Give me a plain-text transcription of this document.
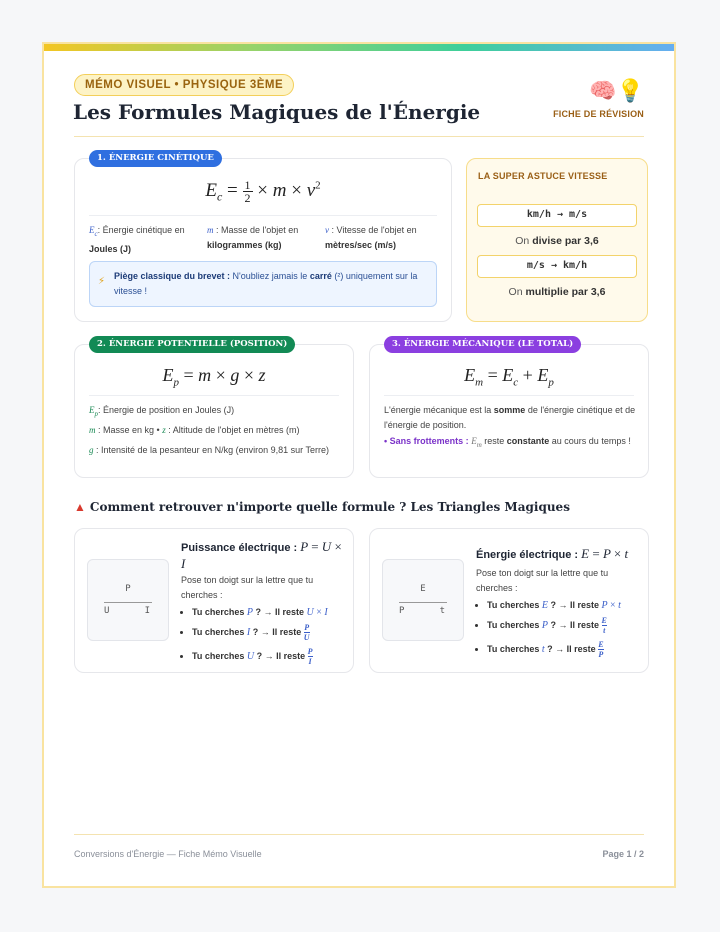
MÉMO VISUEL • PHYSIQUE 3ÈME
Les Formules Magiques de l'Énergie
🧠💡
FICHE DE RÉVISION
1. ÉNERGIE CINÉTIQUE
$E_c = \frac{1}{2} \times m \times v^2$
$E_c$: Énergie cinétique en
Joules (J)
m : Masse de l'objet en
kilogrammes (kg)
v : Vitesse de l'objet en
mètres/sec (m/s)
⚡ Piège classique du brevet : N'oubliez jamais le carré (²) uniquement sur la vitesse !
LA SUPER ASTUCE VITESSE
km/h → m/s
On divise par 3,6
m/s → km/h
On multiplie par 3,6
2. ÉNERGIE POTENTIELLE (POSITION)
$E_p = m \times g \times z$
$E_p$: Énergie de position en Joules (J)
m : Masse en kg • z : Altitude de l'objet en mètres (m)
g : Intensité de la pesanteur en N/kg (environ 9,81 sur Terre)
3. ÉNERGIE MÉCANIQUE (LE TOTAL)
$E_m = E_c + E_p$
L'énergie mécanique est la somme de l'énergie cinétique et de l'énergie de position.
• Sans frottements : $E_m$ reste constante au cours du temps !
▲ Comment retrouver n'importe quelle formule ? Les Triangles Magiques
P
U	I
Puissance électrique : P = U × I
Pose ton doigt sur la lettre que tu cherches :
• Tu cherches P ? → Il reste U × I
• Tu cherches I ? → Il reste $\frac{P}{U}$
• Tu cherches U ? → Il reste $\frac{P}{I}$
E
P	t
Énergie électrique : E = P × t
Pose ton doigt sur la lettre que tu cherches :
• Tu cherches E ? → Il reste P × t
• Tu cherches P ? → Il reste $\frac{E}{t}$
• Tu cherches t ? → Il reste $\frac{E}{P}$
Conversions d'Énergie — Fiche Mémo Visuelle	Page 1 / 2
